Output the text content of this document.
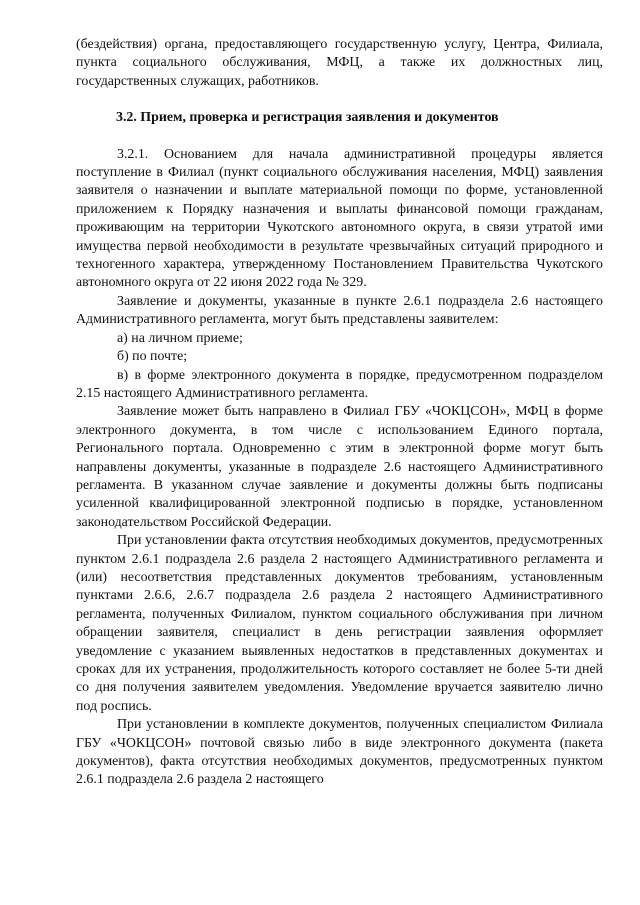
(бездействия) органа, предоставляющего государственную услугу, Центра, Филиала, пункта социального обслуживания, МФЦ, а также их должностных лиц, государственных служащих, работников.

3.2. Прием, проверка и регистрация заявления и документов

3.2.1. Основанием для начала административной процедуры является поступление в Филиал (пункт социального обслуживания населения, МФЦ) заявления заявителя о назначении и выплате материальной помощи по форме, установленной приложением к Порядку назначения и выплаты финансовой помощи гражданам, проживающим на территории Чукотского автономного округа, в связи утратой ими имущества первой необходимости в результате чрезвычайных ситуаций природного и техногенного характера, утвержденному Постановлением Правительства Чукотского автономного округа от 22 июня 2022 года № 329.

Заявление и документы, указанные в пункте 2.6.1 подраздела 2.6 настоящего Административного регламента, могут быть представлены заявителем:

а) на личном приеме;

б) по почте;

в) в форме электронного документа в порядке, предусмотренном подразделом 2.15 настоящего Административного регламента.

Заявление может быть направлено в Филиал ГБУ «ЧОКЦСОН», МФЦ в форме электронного документа, в том числе с использованием Единого портала, Регионального портала. Одновременно с этим в электронной форме могут быть направлены документы, указанные в подразделе 2.6 настоящего Административного регламента. В указанном случае заявление и документы должны быть подписаны усиленной квалифицированной электронной подписью в порядке, установленном законодательством Российской Федерации.

При установлении факта отсутствия необходимых документов, предусмотренных пунктом 2.6.1 подраздела 2.6 раздела 2 настоящего Административного регламента и (или) несоответствия представленных документов требованиям, установленным пунктами 2.6.6, 2.6.7 подраздела 2.6 раздела 2 настоящего Административного регламента, полученных Филиалом, пунктом социального обслуживания при личном обращении заявителя, специалист в день регистрации заявления оформляет уведомление с указанием выявленных недостатков в представленных документах и сроках для их устранения, продолжительность которого составляет не более 5-ти дней со дня получения заявителем уведомления. Уведомление вручается заявителю лично под роспись.

При установлении в комплекте документов, полученных специалистом Филиала ГБУ «ЧОКЦСОН» почтовой связью либо в виде электронного документа (пакета документов), факта отсутствия необходимых документов, предусмотренных пунктом 2.6.1 подраздела 2.6 раздела 2 настоящего
